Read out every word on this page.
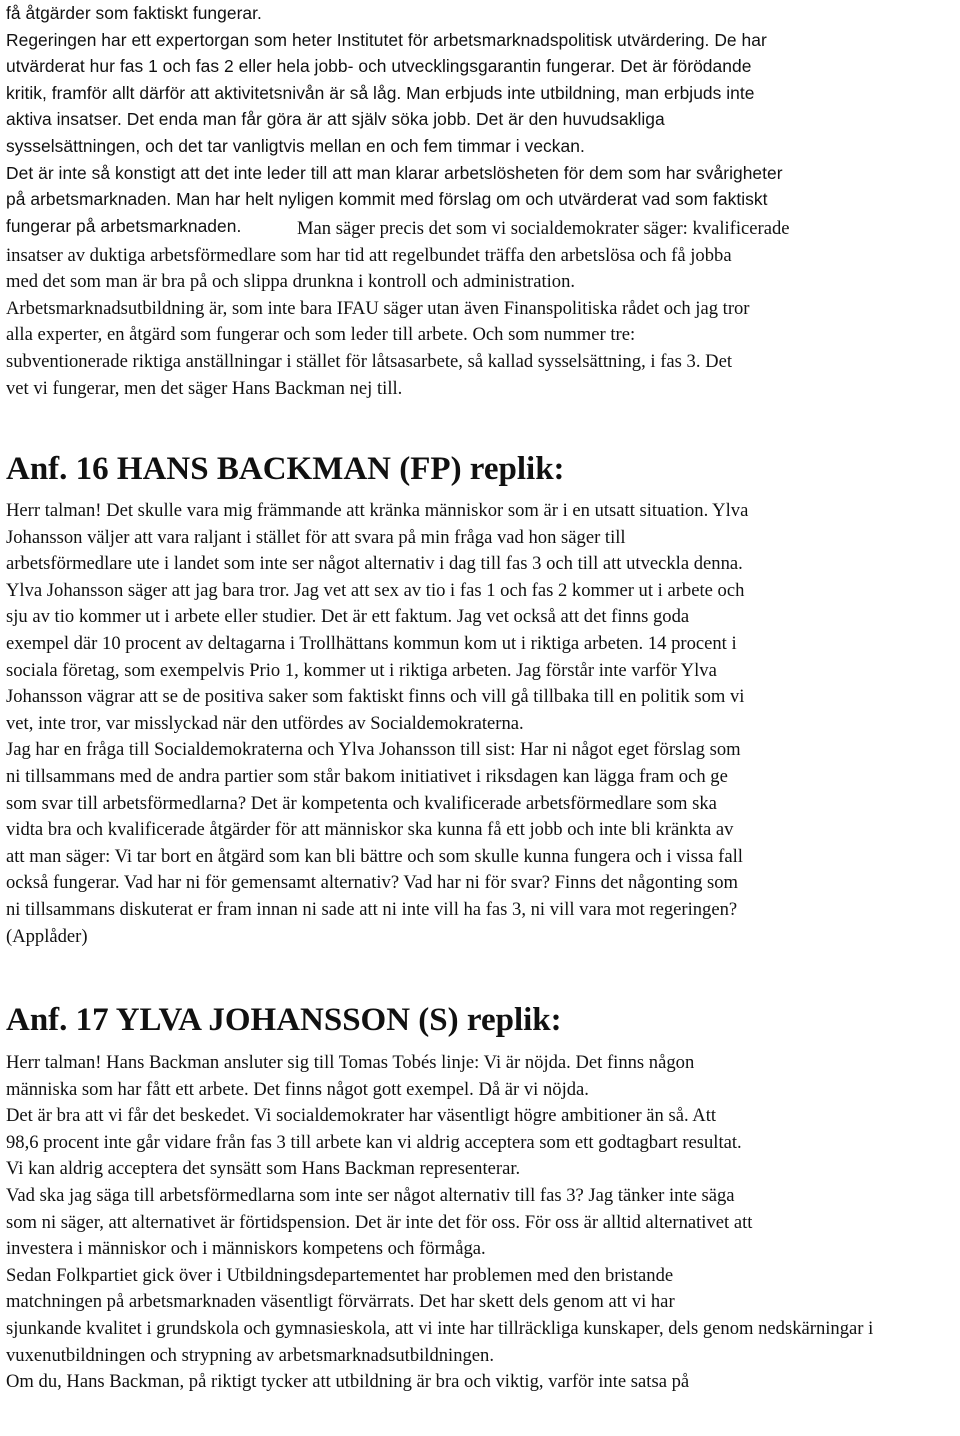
få åtgärder som faktiskt fungerar.
Regeringen har ett expertorgan som heter Institutet för arbetsmarknadspolitisk utvärdering. De har
utvärderat hur fas 1 och fas 2 eller hela jobb- och utvecklingsgarantin fungerar. Det är förödande
kritik, framför allt därför att aktivitetsnivån är så låg. Man erbjuds inte utbildning, man erbjuds inte
aktiva insatser. Det enda man får göra är att själv söka jobb. Det är den huvudsakliga
sysselsättningen, och det tar vanligtvis mellan en och fem timmar i veckan.
Det är inte så konstigt att det inte leder till att man klarar arbetslösheten för dem som har svårigheter
på arbetsmarknaden. Man har helt nyligen kommit med förslag om och utvärderat vad som faktiskt
fungerar på arbetsmarknaden.	Man säger precis det som vi socialdemokrater säger: kvalificerade
insatser av duktiga arbetsförmedlare som har tid att regelbundet träffa den arbetslösa och få jobba
med det som man är bra på och slippa drunkna i kontroll och administration.
Arbetsmarknadsutbildning är, som inte bara IFAU säger utan även Finanspolitiska rådet och jag tror
alla experter, en åtgärd som fungerar och som leder till arbete. Och som nummer tre:
subventionerade riktiga anställningar i stället för låtsasarbete, så kallad sysselsättning, i fas 3. Det
vet vi fungerar, men det säger Hans Backman nej till.
Anf. 16 HANS BACKMAN (FP) replik:
Herr talman! Det skulle vara mig främmande att kränka människor som är i en utsatt situation. Ylva
Johansson väljer att vara raljant i stället för att svara på min fråga vad hon säger till
arbetsförmedlare ute i landet som inte ser något alternativ i dag till fas 3 och till att utveckla denna.
Ylva Johansson säger att jag bara tror. Jag vet att sex av tio i fas 1 och fas 2 kommer ut i arbete och
sju av tio kommer ut i arbete eller studier. Det är ett faktum. Jag vet också att det finns goda
exempel där 10 procent av deltagarna i Trollhättans kommun kom ut i riktiga arbeten. 14 procent i
sociala företag, som exempelvis Prio 1, kommer ut i riktiga arbeten. Jag förstår inte varför Ylva
Johansson vägrar att se de positiva saker som faktiskt finns och vill gå tillbaka till en politik som vi
vet, inte tror, var misslyckad när den utfördes av Socialdemokraterna.
Jag har en fråga till Socialdemokraterna och Ylva Johansson till sist: Har ni något eget förslag som
ni tillsammans med de andra partier som står bakom initiativet i riksdagen kan lägga fram och ge
som svar till arbetsförmedlarna? Det är kompetenta och kvalificerade arbetsförmedlare som ska
vidta bra och kvalificerade åtgärder för att människor ska kunna få ett jobb och inte bli kränkta av
att man säger: Vi tar bort en åtgärd som kan bli bättre och som skulle kunna fungera och i vissa fall
också fungerar. Vad har ni för gemensamt alternativ? Vad har ni för svar? Finns det någonting som
ni tillsammans diskuterat er fram innan ni sade att ni inte vill ha fas 3, ni vill vara mot regeringen?
(Applåder)
Anf. 17 YLVA JOHANSSON (S) replik:
Herr talman! Hans Backman ansluter sig till Tomas Tobés linje: Vi är nöjda. Det finns någon
människa som har fått ett arbete. Det finns något gott exempel. Då är vi nöjda.
Det är bra att vi får det beskedet. Vi socialdemokrater har väsentligt högre ambitioner än så. Att
98,6 procent inte går vidare från fas 3 till arbete kan vi aldrig acceptera som ett godtagbart resultat.
Vi kan aldrig acceptera det synsätt som Hans Backman representerar.
Vad ska jag säga till arbetsförmedlarna som inte ser något alternativ till fas 3? Jag tänker inte säga
som ni säger, att alternativet är förtidspension. Det är inte det för oss. För oss är alltid alternativet att
investera i människor och i människors kompetens och förmåga.
Sedan Folkpartiet gick över i Utbildningsdepartementet har problemen med den bristande
matchningen på arbetsmarknaden väsentligt förvärrats. Det har skett dels genom att vi har
sjunkande kvalitet i grundskola och gymnasieskola, att vi inte har tillräckliga kunskaper, dels genom nedskärningar i
vuxenutbildningen och strypning av arbetsmarknadsutbildningen.
Om du, Hans Backman, på riktigt tycker att utbildning är bra och viktig, varför inte satsa på
